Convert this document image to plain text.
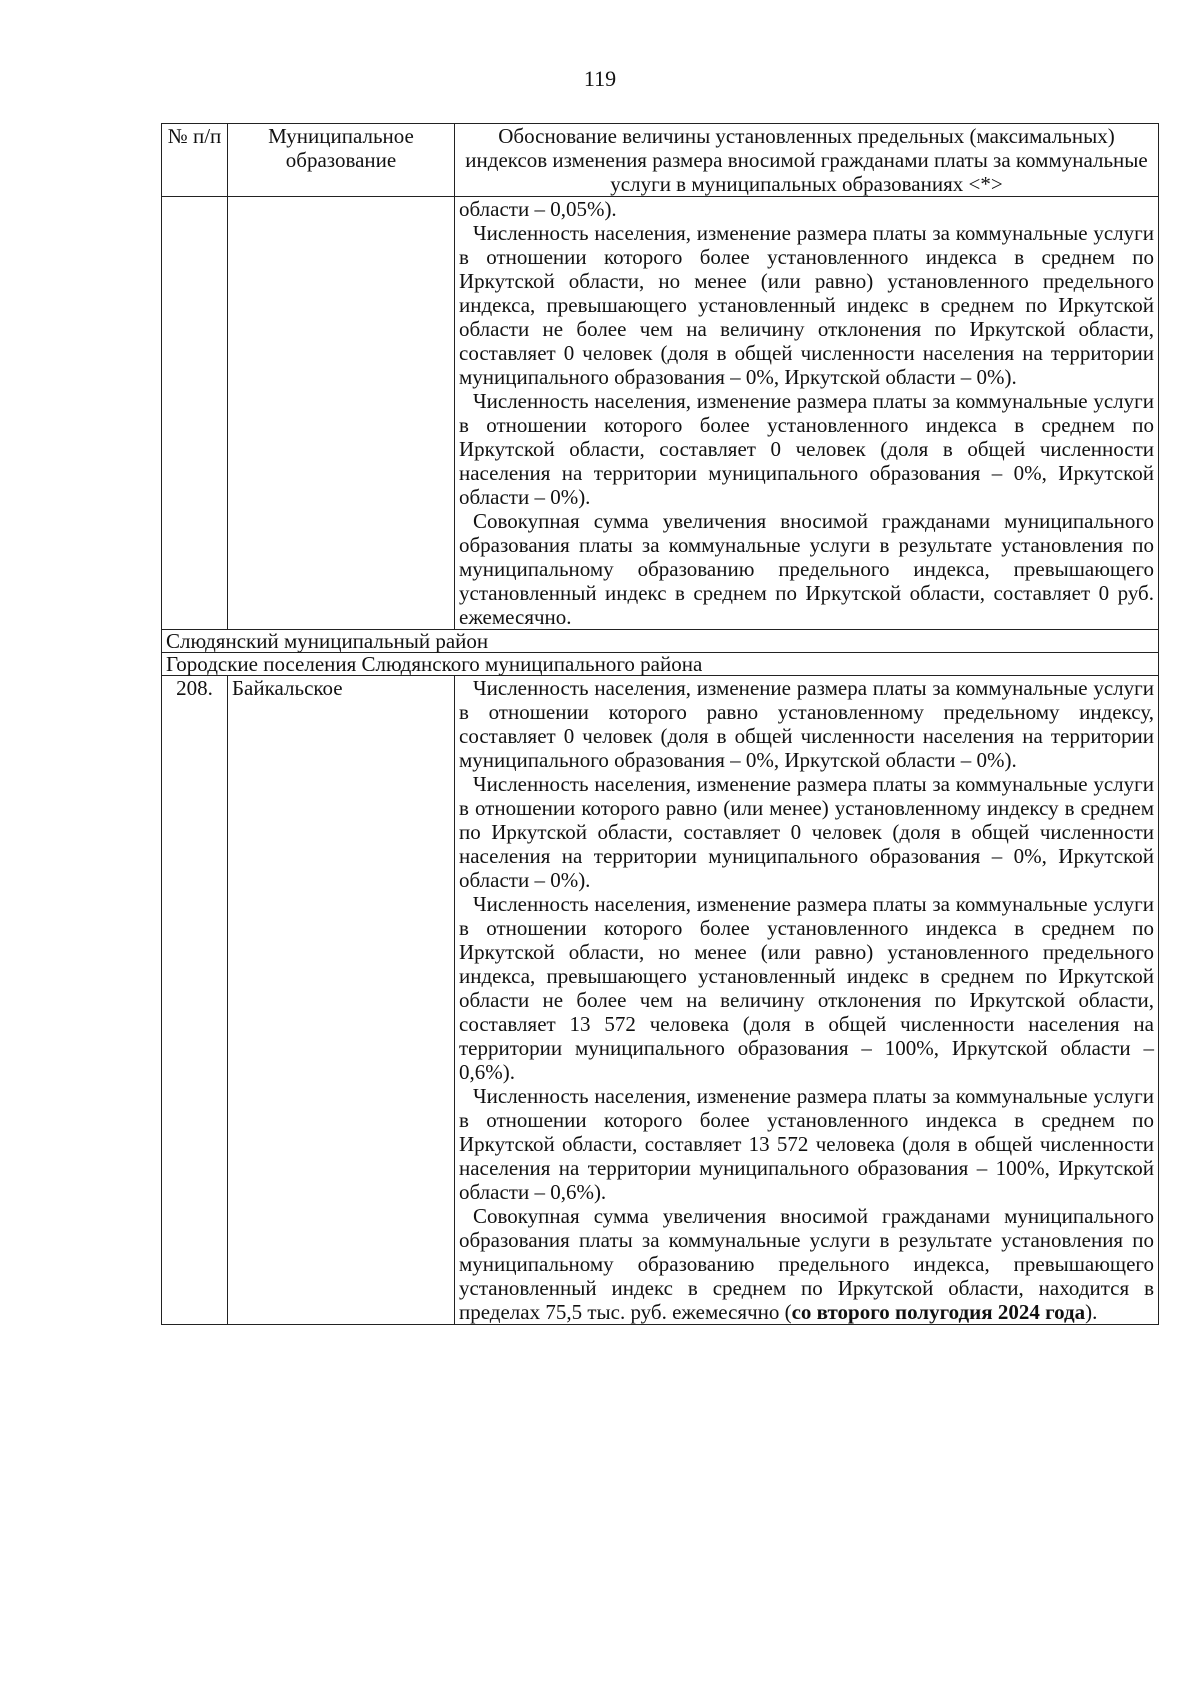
119
№ п/п	Муниципальное образование	Обоснование величины установленных предельных (максимальных) индексов изменения размера вносимой гражданами платы за коммунальные услуги в муниципальных образованиях <*>

		области – 0,05%).

Численность населения, изменение размера платы за коммунальные услуги в отношении которого более установленного индекса в среднем по Иркутской области, но менее (или равно) установленного предельного индекса, превышающего установленный индекс в среднем по Иркутской области не более чем на величину отклонения по Иркутской области, составляет 0 человек (доля в общей численности населения на территории муниципального образования – 0%, Иркутской области – 0%).

Численность населения, изменение размера платы за коммунальные услуги в отношении которого более установленного индекса в среднем по Иркутской области, составляет 0 человек (доля в общей численности населения на территории муниципального образования – 0%, Иркутской области – 0%).

Совокупная сумма увеличения вносимой гражданами муниципального образования платы за коммунальные услуги в результате установления по муниципальному образованию предельного индекса, превышающего установленный индекс в среднем по Иркутской области, составляет 0 руб. ежемесячно.

Слюдянский муниципальный район		
Городские поселения Слюдянского муниципального района		
208.	Байкальское	Численность населения, изменение размера платы за коммунальные услуги в отношении которого равно установленному предельному индексу, составляет 0 человек (доля в общей численности населения на территории муниципального образования – 0%, Иркутской области – 0%).

Численность населения, изменение размера платы за коммунальные услуги в отношении которого равно (или менее) установленному индексу в среднем по Иркутской области, составляет 0 человек (доля в общей численности населения на территории муниципального образования – 0%, Иркутской области – 0%).

Численность населения, изменение размера платы за коммунальные услуги в отношении которого более установленного индекса в среднем по Иркутской области, но менее (или равно) установленного предельного индекса, превышающего установленный индекс в среднем по Иркутской области не более чем на величину отклонения по Иркутской области, составляет 13 572 человека (доля в общей численности населения на территории муниципального образования – 100%, Иркутской области – 0,6%).

Численность населения, изменение размера платы за коммунальные услуги в отношении которого более установленного индекса в среднем по Иркутской области, составляет 13 572 человека (доля в общей численности населения на территории муниципального образования – 100%, Иркутской области – 0,6%).

Совокупная сумма увеличения вносимой гражданами муниципального образования платы за коммунальные услуги в результате установления по муниципальному образованию предельного индекса, превышающего установленный индекс в среднем по Иркутской области, находится в пределах 75,5 тыс. руб. ежемесячно (со второго полугодия 2024 года).
